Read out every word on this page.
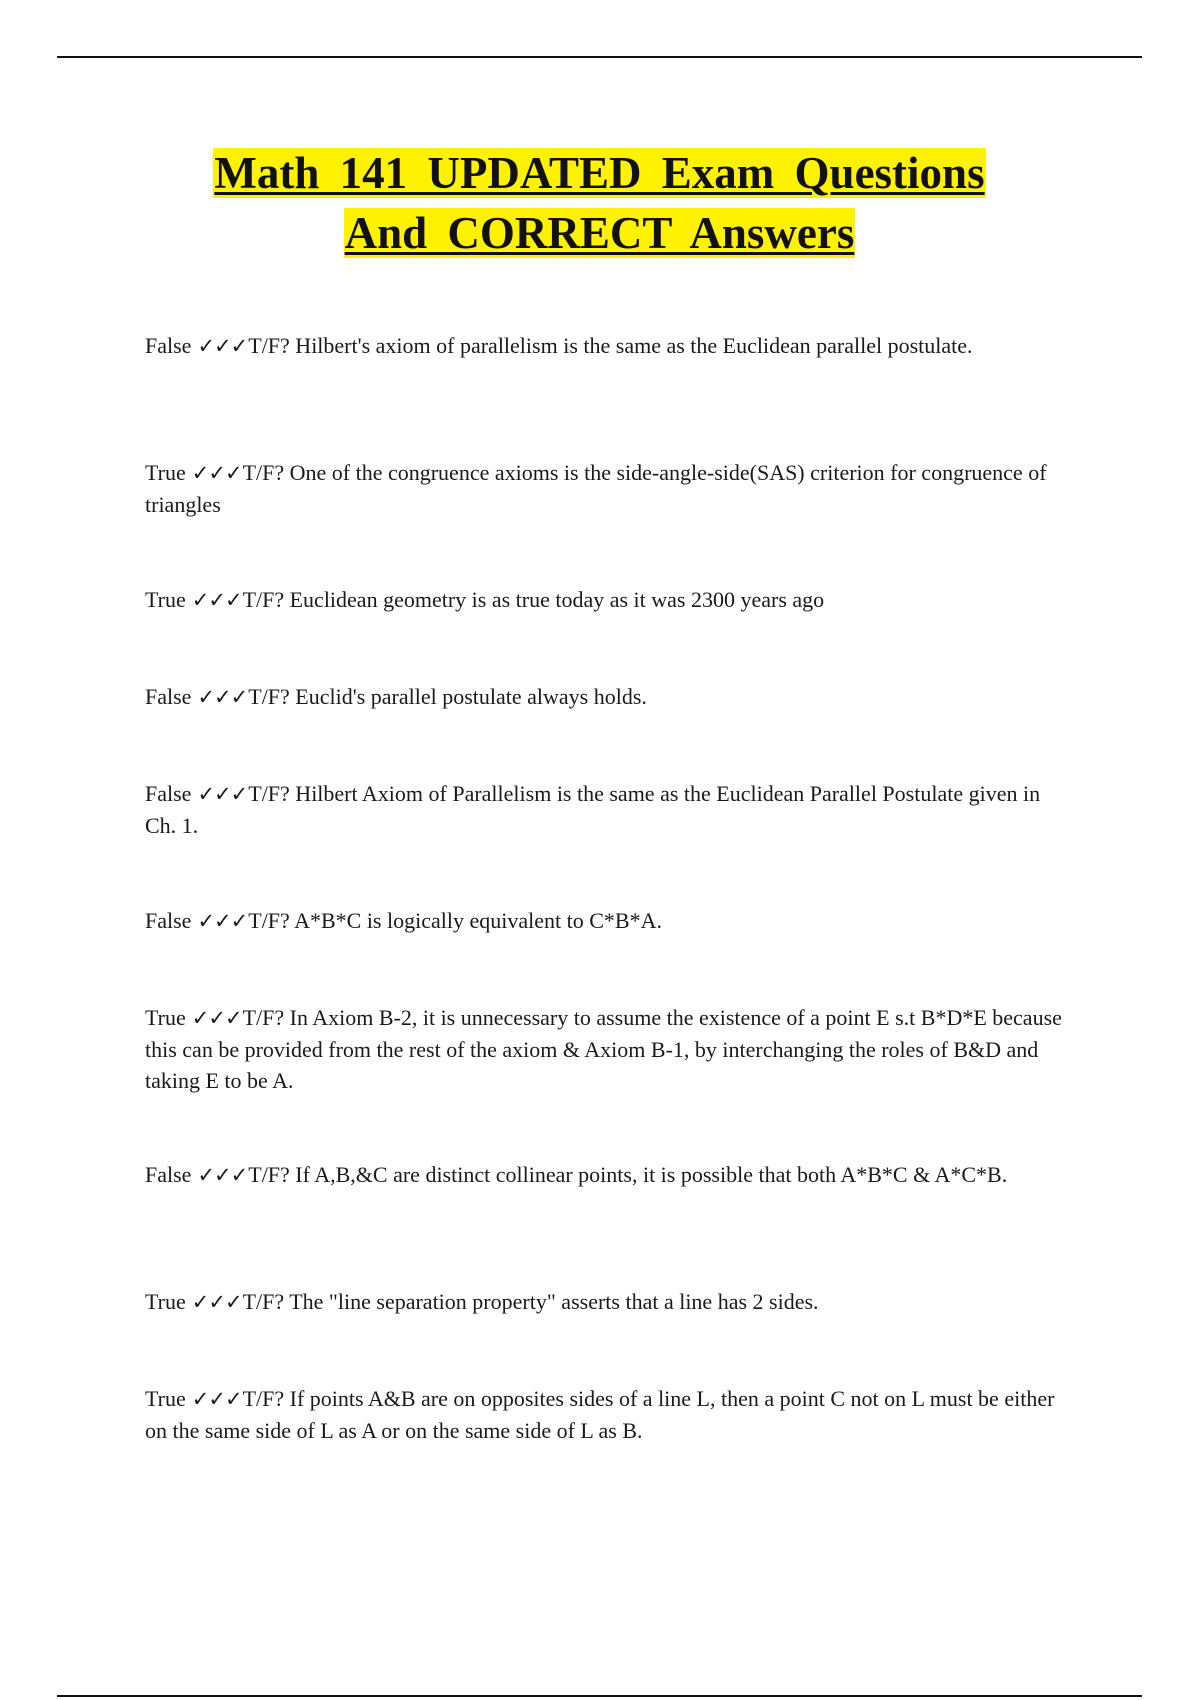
Math 141 UPDATED Exam Questions
And CORRECT Answers
False ✓✓✓T/F? Hilbert's axiom of parallelism is the same as the Euclidean parallel postulate.
True ✓✓✓T/F? One of the congruence axioms is the side-angle-side(SAS) criterion for congruence of triangles
True ✓✓✓T/F? Euclidean geometry is as true today as it was 2300 years ago
False ✓✓✓T/F? Euclid's parallel postulate always holds.
False ✓✓✓T/F? Hilbert Axiom of Parallelism is the same as the Euclidean Parallel Postulate given in Ch. 1.
False ✓✓✓T/F? A*B*C is logically equivalent to C*B*A.
True ✓✓✓T/F? In Axiom B-2, it is unnecessary to assume the existence of a point E s.t B*D*E because this can be provided from the rest of the axiom & Axiom B-1, by interchanging the roles of B&D and taking E to be A.
False ✓✓✓T/F? If A,B,&C are distinct collinear points, it is possible that both A*B*C & A*C*B.
True ✓✓✓T/F? The "line separation property" asserts that a line has 2 sides.
True ✓✓✓T/F? If points A&B are on opposites sides of a line L, then a point C not on L must be either on the same side of L as A or on the same side of L as B.
